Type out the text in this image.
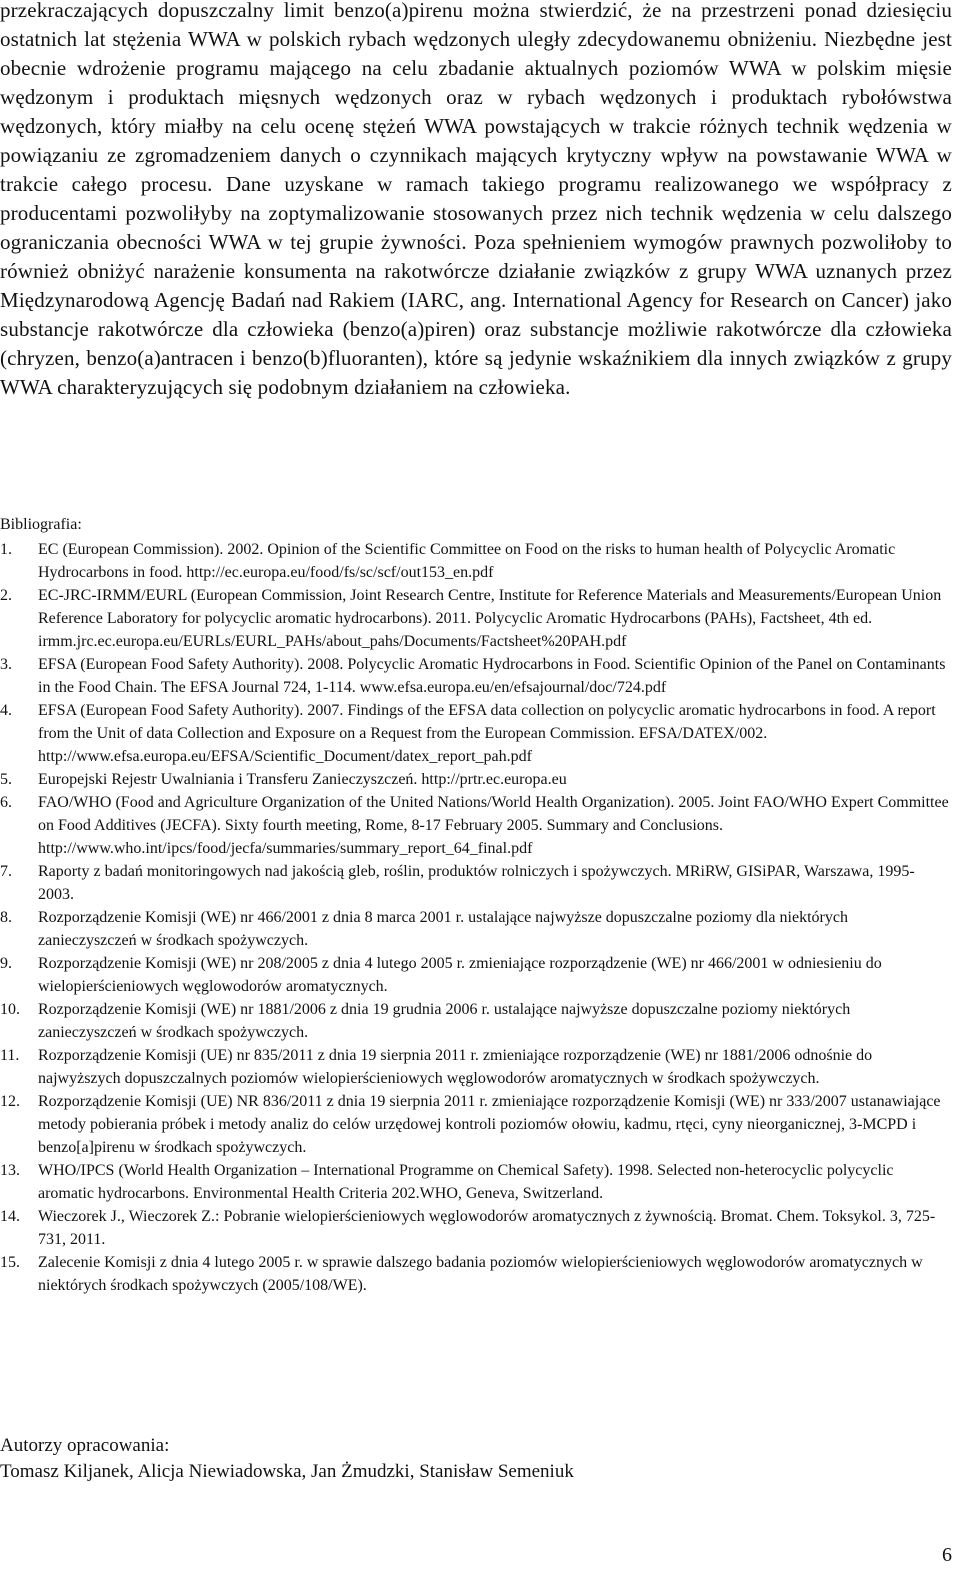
przekraczających dopuszczalny limit benzo(a)pirenu można stwierdzić, że na przestrzeni ponad dziesięciu ostatnich lat stężenia WWA w polskich rybach wędzonych uległy zdecydowanemu obniżeniu. Niezbędne jest obecnie wdrożenie programu mającego na celu zbadanie aktualnych poziomów WWA w polskim mięsie wędzonym i produktach mięsnych wędzonych oraz w rybach wędzonych i produktach rybołówstwa wędzonych, który miałby na celu ocenę stężeń WWA powstających w trakcie różnych technik wędzenia w powiązaniu ze zgromadzeniem danych o czynnikach mających krytyczny wpływ na powstawanie WWA w trakcie całego procesu. Dane uzyskane w ramach takiego programu realizowanego we współpracy z producentami pozwoliłyby na zoptymalizowanie stosowanych przez nich technik wędzenia w celu dalszego ograniczania obecności WWA w tej grupie żywności. Poza spełnieniem wymogów prawnych pozwoliłoby to również obniżyć narażenie konsumenta na rakotwórcze działanie związków z grupy WWA uznanych przez Międzynarodową Agencję Badań nad Rakiem (IARC, ang. International Agency for Research on Cancer) jako substancje rakotwórcze dla człowieka (benzo(a)piren) oraz substancje możliwie rakotwórcze dla człowieka (chryzen, benzo(a)antracen i benzo(b)fluoranten), które są jedynie wskaźnikiem dla innych związków z grupy WWA charakteryzujących się podobnym działaniem na człowieka.

Bibliografia:

1. EC (European Commission). 2002. Opinion of the Scientific Committee on Food on the risks to human health of Polycyclic Aromatic Hydrocarbons in food. http://ec.europa.eu/food/fs/sc/scf/out153_en.pdf
2. EC-JRC-IRMM/EURL (European Commission, Joint Research Centre, Institute for Reference Materials and Measurements/European Union Reference Laboratory for polycyclic aromatic hydrocarbons). 2011. Polycyclic Aromatic Hydrocarbons (PAHs), Factsheet, 4th ed. irmm.jrc.ec.europa.eu/EURLs/EURL_PAHs/about_pahs/Documents/Factsheet%20PAH.pdf
3. EFSA (European Food Safety Authority). 2008. Polycyclic Aromatic Hydrocarbons in Food. Scientific Opinion of the Panel on Contaminants in the Food Chain. The EFSA Journal 724, 1-114. www.efsa.europa.eu/en/efsajournal/doc/724.pdf
4. EFSA (European Food Safety Authority). 2007. Findings of the EFSA data collection on polycyclic aromatic hydrocarbons in food. A report from the Unit of data Collection and Exposure on a Request from the European Commission. EFSA/DATEX/002. http://www.efsa.europa.eu/EFSA/Scientific_Document/datex_report_pah.pdf
5. Europejski Rejestr Uwalniania i Transferu Zanieczyszczeń. http://prtr.ec.europa.eu
6. FAO/WHO (Food and Agriculture Organization of the United Nations/World Health Organization). 2005. Joint FAO/WHO Expert Committee on Food Additives (JECFA). Sixty fourth meeting, Rome, 8-17 February 2005. Summary and Conclusions. http://www.who.int/ipcs/food/jecfa/summaries/summary_report_64_final.pdf
7. Raporty z badań monitoringowych nad jakością gleb, roślin, produktów rolniczych i spożywczych. MRiRW, GISiPAR, Warszawa, 1995-2003.
8. Rozporządzenie Komisji (WE) nr 466/2001 z dnia 8 marca 2001 r. ustalające najwyższe dopuszczalne poziomy dla niektórych zanieczyszczeń w środkach spożywczych.
9. Rozporządzenie Komisji (WE) nr 208/2005 z dnia 4 lutego 2005 r. zmieniające rozporządzenie (WE) nr 466/2001 w odniesieniu do wielopierścieniowych węglowodorów aromatycznych.
10. Rozporządzenie Komisji (WE) nr 1881/2006 z dnia 19 grudnia 2006 r. ustalające najwyższe dopuszczalne poziomy niektórych zanieczyszczeń w środkach spożywczych.
11. Rozporządzenie Komisji (UE) nr 835/2011 z dnia 19 sierpnia 2011 r. zmieniające rozporządzenie (WE) nr 1881/2006 odnośnie do najwyższych dopuszczalnych poziomów wielopierścieniowych węglowodorów aromatycznych w środkach spożywczych.
12. Rozporządzenie Komisji (UE) NR 836/2011 z dnia 19 sierpnia 2011 r. zmieniające rozporządzenie Komisji (WE) nr 333/2007 ustanawiające metody pobierania próbek i metody analiz do celów urzędowej kontroli poziomów ołowiu, kadmu, rtęci, cyny nieorganicznej, 3-MCPD i benzo[a]pirenu w środkach spożywczych.
13. WHO/IPCS (World Health Organization – International Programme on Chemical Safety). 1998. Selected non-heterocyclic polycyclic aromatic hydrocarbons. Environmental Health Criteria 202.WHO, Geneva, Switzerland.
14. Wieczorek J., Wieczorek Z.: Pobranie wielopierścieniowych węglowodorów aromatycznych z żywnością. Bromat. Chem. Toksykol. 3, 725-731, 2011.
15. Zalecenie Komisji z dnia 4 lutego 2005 r. w sprawie dalszego badania poziomów wielopierścieniowych węglowodorów aromatycznych w niektórych środkach spożywczych (2005/108/WE).

Autorzy opracowania:

Tomasz Kiljanek, Alicja Niewiadowska, Jan Żmudzki, Stanisław Semeniuk

6
